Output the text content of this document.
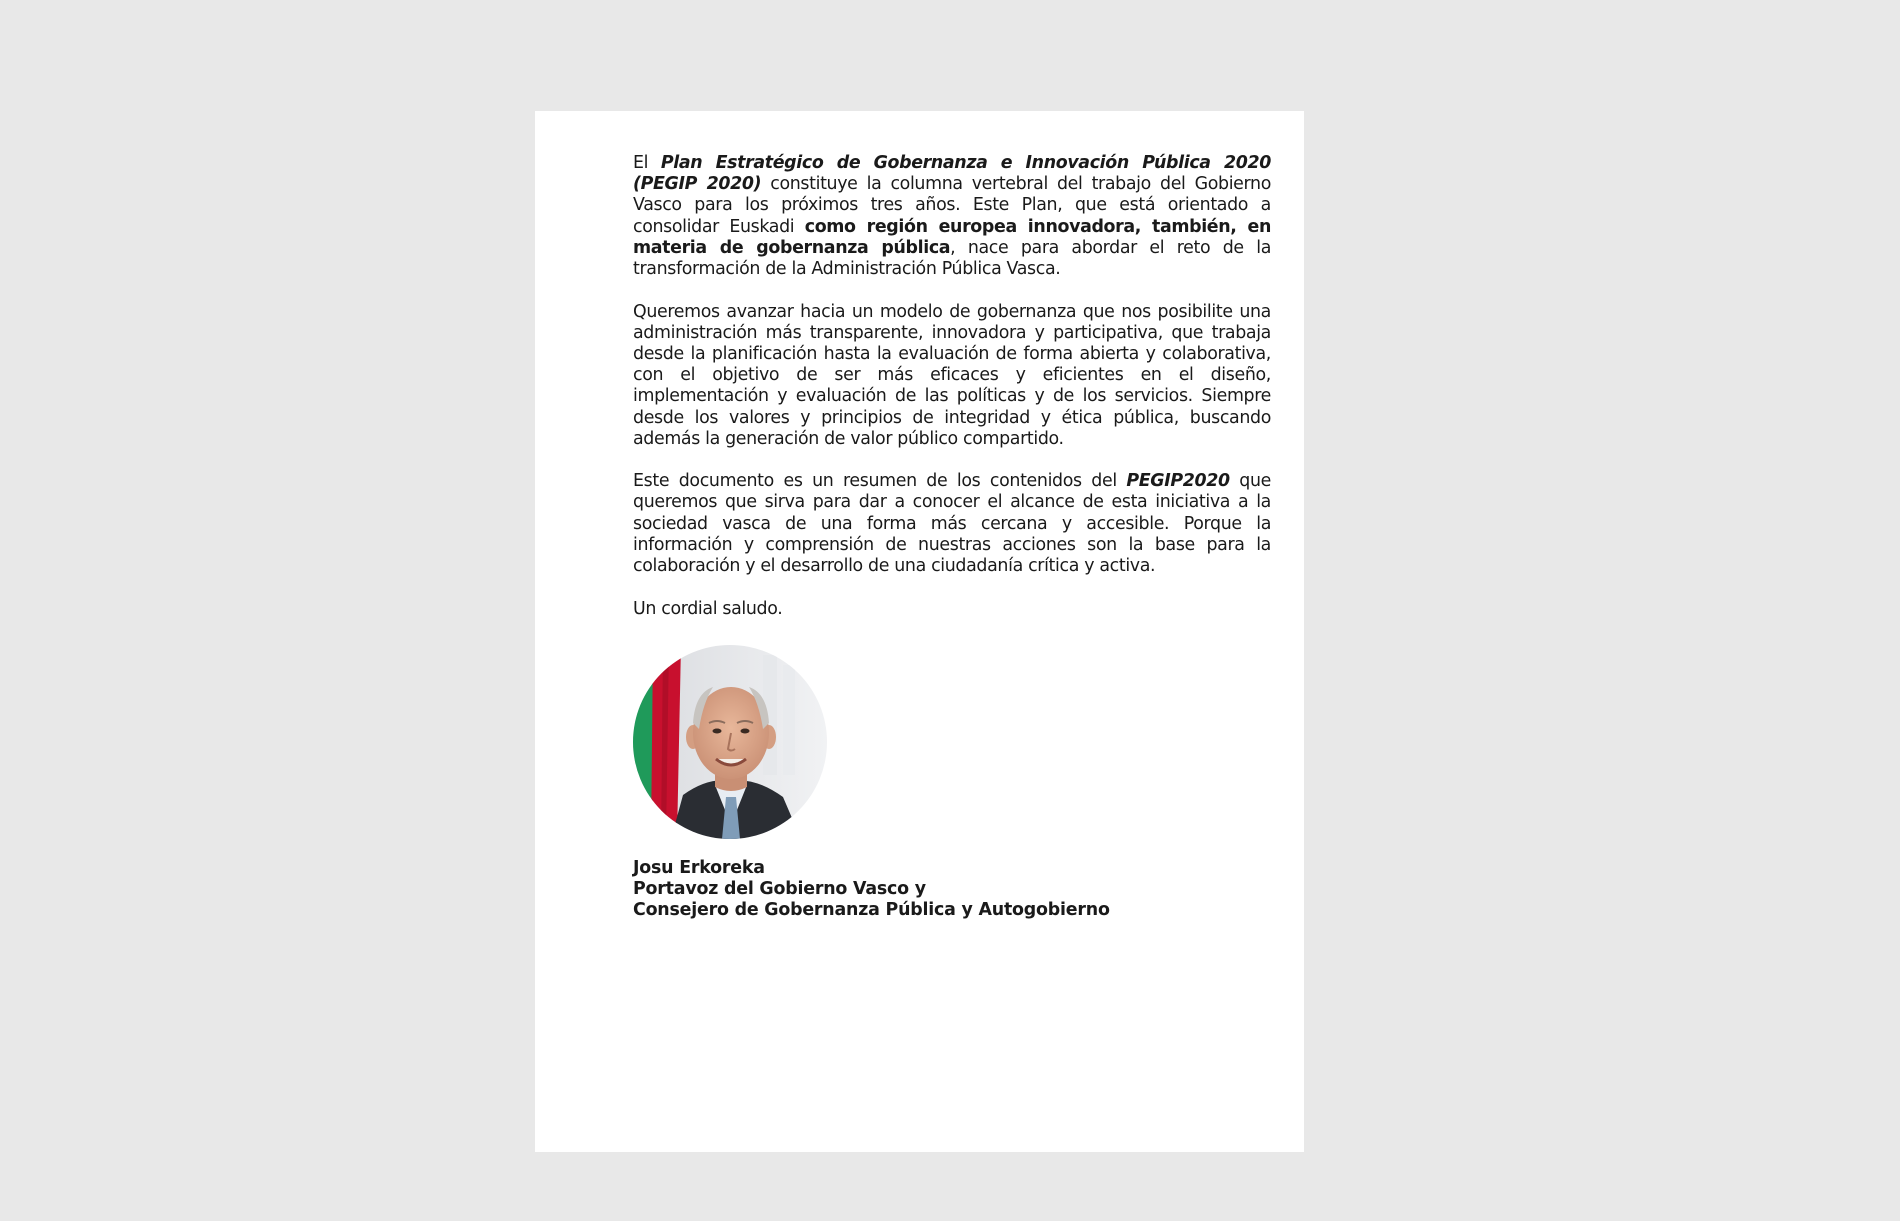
El Plan Estratégico de Gobernanza e Innovación Pública 2020 (PEGIP 2020) constituye la columna vertebral del trabajo del Gobierno Vasco para los próximos tres años. Este Plan, que está orientado a consolidar Euskadi como región europea innovadora, también, en materia de gobernanza pública, nace para abordar el reto de la transformación de la Administración Pública Vasca.

Queremos avanzar hacia un modelo de gobernanza que nos posibilite una administración más transparente, innovadora y participativa, que trabaja desde la planificación hasta la evaluación de forma abierta y colaborativa, con el objetivo de ser más eficaces y eficientes en el diseño, implementación y evaluación de las políticas y de los servicios. Siempre desde los valores y principios de integridad y ética pública, buscando además la generación de valor público compartido.

Este documento es un resumen de los contenidos del PEGIP2020 que queremos que sirva para dar a conocer el alcance de esta iniciativa a la sociedad vasca de una forma más cercana y accesible. Porque la información y comprensión de nuestras acciones son la base para la colaboración y el desarrollo de una ciudadanía crítica y activa.

Un cordial saludo.

Josu Erkoreka
Portavoz del Gobierno Vasco y
Consejero de Gobernanza Pública y Autogobierno
